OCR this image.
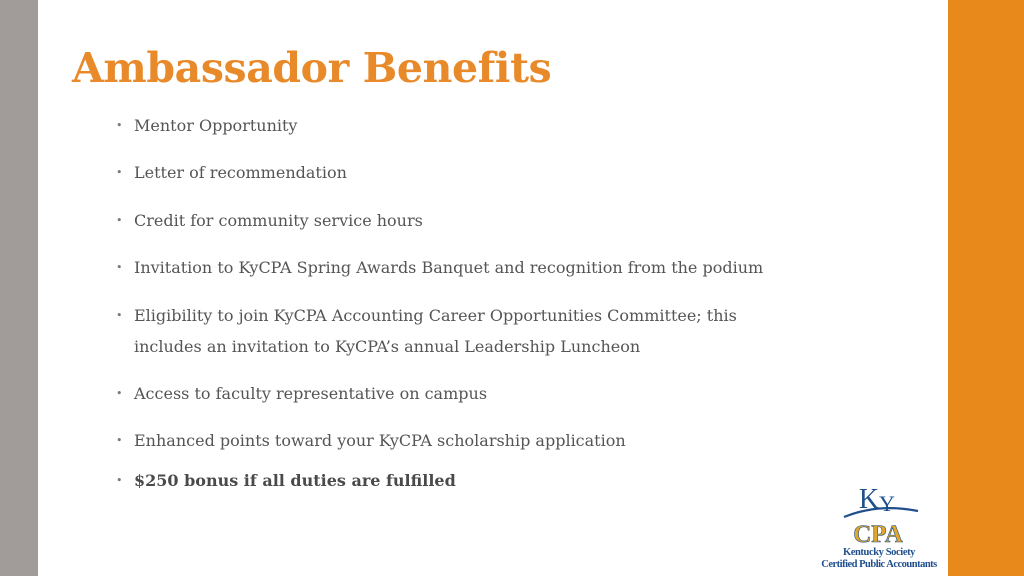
Ambassador Benefits
• Mentor Opportunity
• Letter of recommendation
• Credit for community service hours
• Invitation to KyCPA Spring Awards Banquet and recognition from the podium
• Eligibility to join KyCPA Accounting Career Opportunities Committee; this includes an invitation to KyCPA’s annual Leadership Luncheon
• Access to faculty representative on campus
• Enhanced points toward your KyCPA scholarship application
• $250 bonus if all duties are fulfilled
KY
CPA
Kentucky Society
Certified Public Accountants
